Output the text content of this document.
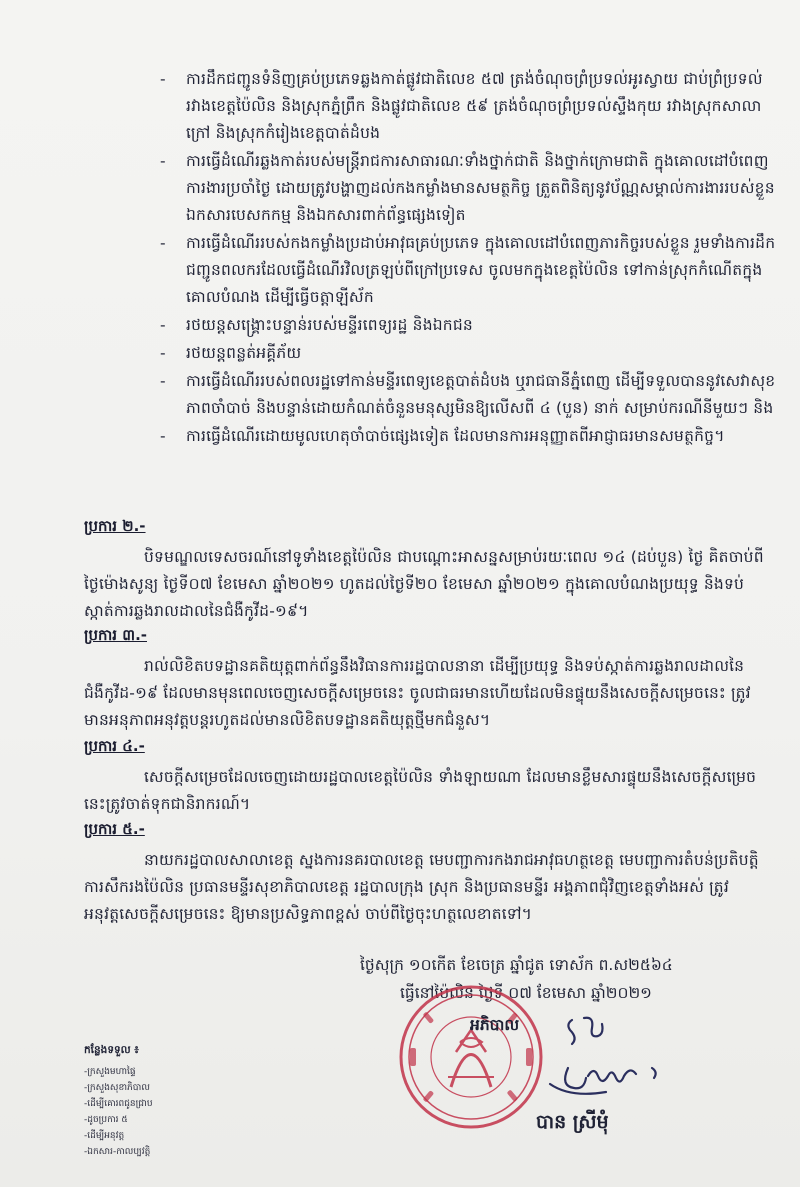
- ការដឹកជញ្ជូនទំនិញគ្រប់ប្រភេទឆ្លងកាត់ផ្លូវជាតិលេខ ៥៧ ត្រង់ចំណុចព្រំប្រទល់អូរស្វាយ ជាប់ព្រំប្រទល់រវាងខេត្តប៉ៃលិន និងស្រុកភ្នំព្រឹក និងផ្លូវជាតិលេខ ៥៩ ត្រង់ចំណុចព្រំប្រទល់ស្ទឹងកុយ រវាងស្រុកសាលាក្រៅ និងស្រុកកំរៀងខេត្តបាត់ដំបង
- ការធ្វើដំណើរឆ្លងកាត់របស់មន្ត្រីរាជការសាធារណៈទាំងថ្នាក់ជាតិ និងថ្នាក់ក្រោមជាតិ ក្នុងគោលដៅបំពេញការងារប្រចាំថ្ងៃ ដោយត្រូវបង្ហាញដល់កងកម្លាំងមានសមត្ថកិច្ច ត្រួតពិនិត្យនូវប័ណ្ណសម្គាល់ការងាររបស់ខ្លួន ឯកសារបេសកកម្ម និងឯកសារពាក់ព័ន្ធផ្សេងទៀត
- ការធ្វើដំណើររបស់កងកម្លាំងប្រដាប់អាវុធគ្រប់ប្រភេទ ក្នុងគោលដៅបំពេញភារកិច្ចរបស់ខ្លួន រួមទាំងការដឹកជញ្ជូនពលករដែលធ្វើដំណើរវិលត្រឡប់ពីក្រៅប្រទេស ចូលមកក្នុងខេត្តប៉ៃលិន ទៅកាន់ស្រុកកំណើតក្នុងគោលបំណង ដើម្បីធ្វើចត្តាឡីស័ក
- រថយន្តសង្គ្រោះបន្ទាន់របស់មន្ទីរពេទ្យរដ្ឋ និងឯកជន
- រថយន្តពន្លត់អគ្គីភ័យ
- ការធ្វើដំណើររបស់ពលរដ្ឋទៅកាន់មន្ទីរពេទ្យខេត្តបាត់ដំបង ឬរាជធានីភ្នំពេញ ដើម្បីទទួលបាននូវសេវាសុខភាពចាំបាច់ និងបន្ទាន់ដោយកំណត់ចំនួនមនុស្សមិនឱ្យលើសពី ៤ (បួន) នាក់ សម្រាប់ករណីនីមួយៗ និង
- ការធ្វើដំណើរដោយមូលហេតុចាំបាច់ផ្សេងទៀត ដែលមានការអនុញ្ញាតពីអាជ្ញាធរមានសមត្ថកិច្ច។
ប្រការ ២.-
បិទមណ្ឌលទេសចរណ៍នៅទូទាំងខេត្តប៉ៃលិន ជាបណ្ដោះអាសន្នសម្រាប់រយៈពេល ១៤ (ដប់បួន) ថ្ងៃ គិតចាប់ពីថ្ងៃម៉ោងសូន្យ ថ្ងៃទី០៧ ខែមេសា ឆ្នាំ២០២១ ហូតដល់ថ្ងៃទី២០ ខែមេសា ឆ្នាំ២០២១ ក្នុងគោលបំណងប្រយុទ្ធ និងទប់ស្កាត់ការឆ្លងរាលដាលនៃជំងឺកូវីដ-១៩។
ប្រការ ៣.-
រាល់លិខិតបទដ្ឋានគតិយុត្តពាក់ព័ន្ធនឹងវិធានការរដ្ឋបាលនានា ដើម្បីប្រយុទ្ធ និងទប់ស្កាត់ការឆ្លងរាលដាលនៃជំងឺកូវីដ-១៩ ដែលមានមុនពេលចេញសេចក្ដីសម្រេចនេះ ចូលជាធរមានហើយដែលមិនផ្ទុយនឹងសេចក្ដីសម្រេចនេះ ត្រូវមានអនុភាពអនុវត្តបន្តរហូតដល់មានលិខិតបទដ្ឋានគតិយុត្តថ្មីមកជំនួស។
ប្រការ ៤.-
សេចក្ដីសម្រេចដែលចេញដោយរដ្ឋបាលខេត្តប៉ៃលិន ទាំងឡាយណា ដែលមានខ្លឹមសារផ្ទុយនឹងសេចក្ដីសម្រេចនេះត្រូវចាត់ទុកជានិរាករណ៍។
ប្រការ ៥.-
នាយករដ្ឋបាលសាលាខេត្ត ស្នងការនគរបាលខេត្ត មេបញ្ជាការកងរាជអាវុធហត្ថខេត្ត មេបញ្ជាការតំបន់ប្រតិបត្តិការសឹករងប៉ៃលិន ប្រធានមន្ទីរសុខាភិបាលខេត្ត រដ្ឋបាលក្រុង ស្រុក និងប្រធានមន្ទីរ អង្គភាពជុំវិញខេត្តទាំងអស់ ត្រូវអនុវត្តសេចក្ដីសម្រេចនេះ ឱ្យមានប្រសិទ្ធភាពខ្ពស់ ចាប់ពីថ្ងៃចុះហត្ថលេខាតទៅ។
ថ្ងៃសុក្រ ១០កើត ខែចេត្រ ឆ្នាំជូត ទោស័ក ព.ស២៥៦៤
ធ្វើនៅប៉ៃលិន ថ្ងៃទី ០៧ ខែមេសា ឆ្នាំ២០២១
អភិបាល
បាន ស្រីមុំ
កន្លែងទទួល ៖

-ក្រសួងមហាផ្ទៃ

-ក្រសួងសុខាភិបាល

-ដើម្បីគោរពជូនជ្រាប

-ដូចប្រការ ៥

-ដើម្បីអនុវត្ត

-ឯកសារ-កាលប្បវត្តិ
